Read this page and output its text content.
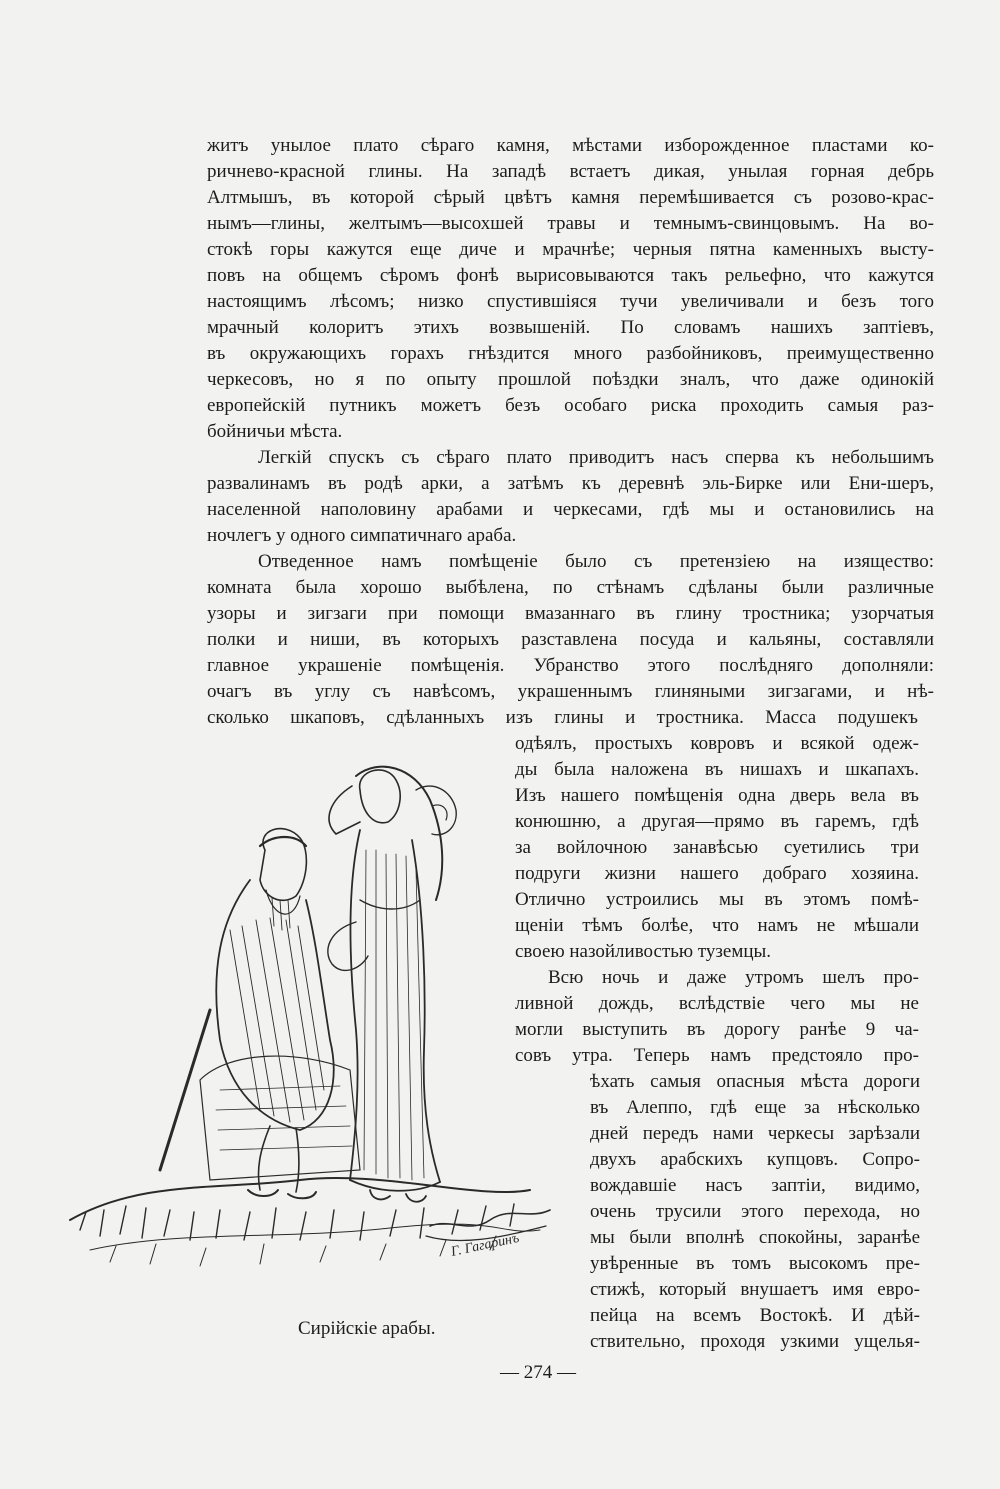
житъ унылое плато сѣраго камня, мѣстами изборожденное пластами ко-
ричнево-красной глины. На западѣ встаетъ дикая, унылая горная дебрь
Алтмышъ, въ которой сѣрый цвѣтъ камня перемѣшивается съ розово-крас-
нымъ—глины, желтымъ—высохшей травы и темнымъ-свинцовымъ. На во-
стокѣ горы кажутся еще диче и мрачнѣе; черныя пятна каменныхъ высту-
повъ на общемъ сѣромъ фонѣ вырисовываются такъ рельефно, что кажутся
настоящимъ лѣсомъ; низко спустившіяся тучи увеличивали и безъ того
мрачный колоритъ этихъ возвышеній. По словамъ нашихъ заптіевъ,
въ окружающихъ горахъ гнѣздится много разбойниковъ, преимущественно
черкесовъ, но я по опыту прошлой поѣздки зналъ, что даже одинокій
европейскій путникъ можетъ безъ особаго риска проходить самыя раз-
бойничьи мѣста.
Легкій спускъ съ сѣраго плато приводитъ насъ сперва къ небольшимъ
развалинамъ въ родѣ арки, а затѣмъ къ деревнѣ эль-Бирке или Ени-шеръ,
населенной наполовину арабами и черкесами, гдѣ мы и остановились на
ночлегъ у одного симпатичнаго араба.
Отведенное намъ помѣщеніе было съ претензіею на изящество:
комната была хорошо выбѣлена, по стѣнамъ сдѣланы были различные
узоры и зигзаги при помощи вмазаннаго въ глину тростника; узорчатыя
полки и ниши, въ которыхъ разставлена посуда и кальяны, составляли
главное украшеніе помѣщенія. Убранство этого послѣдняго дополняли:
очагъ въ углу съ навѣсомъ, украшеннымъ глиняными зигзагами, и нѣ-
сколько шкаповъ, сдѣланныхъ изъ глины и тростника. Масса подушекъ
одѣялъ, простыхъ ковровъ и всякой одеж-
ды была наложена въ нишахъ и шкапахъ.
Изъ нашего помѣщенія одна дверь вела въ
конюшню, а другая—прямо въ гаремъ, гдѣ
за войлочною занавѣсью суетились три
подруги жизни нашего добраго хозяина.
Отлично устроились мы въ этомъ помѣ-
щеніи тѣмъ болѣе, что намъ не мѣшали
своею назойливостью туземцы.
Всю ночь и даже утромъ шелъ про-
ливной дождь, вслѣдствіе чего мы не
могли выступить въ дорогу ранѣе 9 ча-
совъ утра. Теперь намъ предстояло про-
ѣхать самыя опасныя мѣста дороги
въ Алеппо, гдѣ еще за нѣсколько
дней передъ нами черкесы зарѣзали
двухъ арабскихъ купцовъ. Сопро-
вождавшіе насъ заптіи, видимо,
очень трусили этого перехода, но
мы были вполнѣ спокойны, заранѣе
увѣренные въ томъ высокомъ пре-
стижѣ, который внушаетъ имя евро-
пейца на всемъ Востокѣ. И дѣй-
ствительно, проходя узкими ущелья-
Г. Гагаринъ
Сирійскіе арабы.
— 274 —
